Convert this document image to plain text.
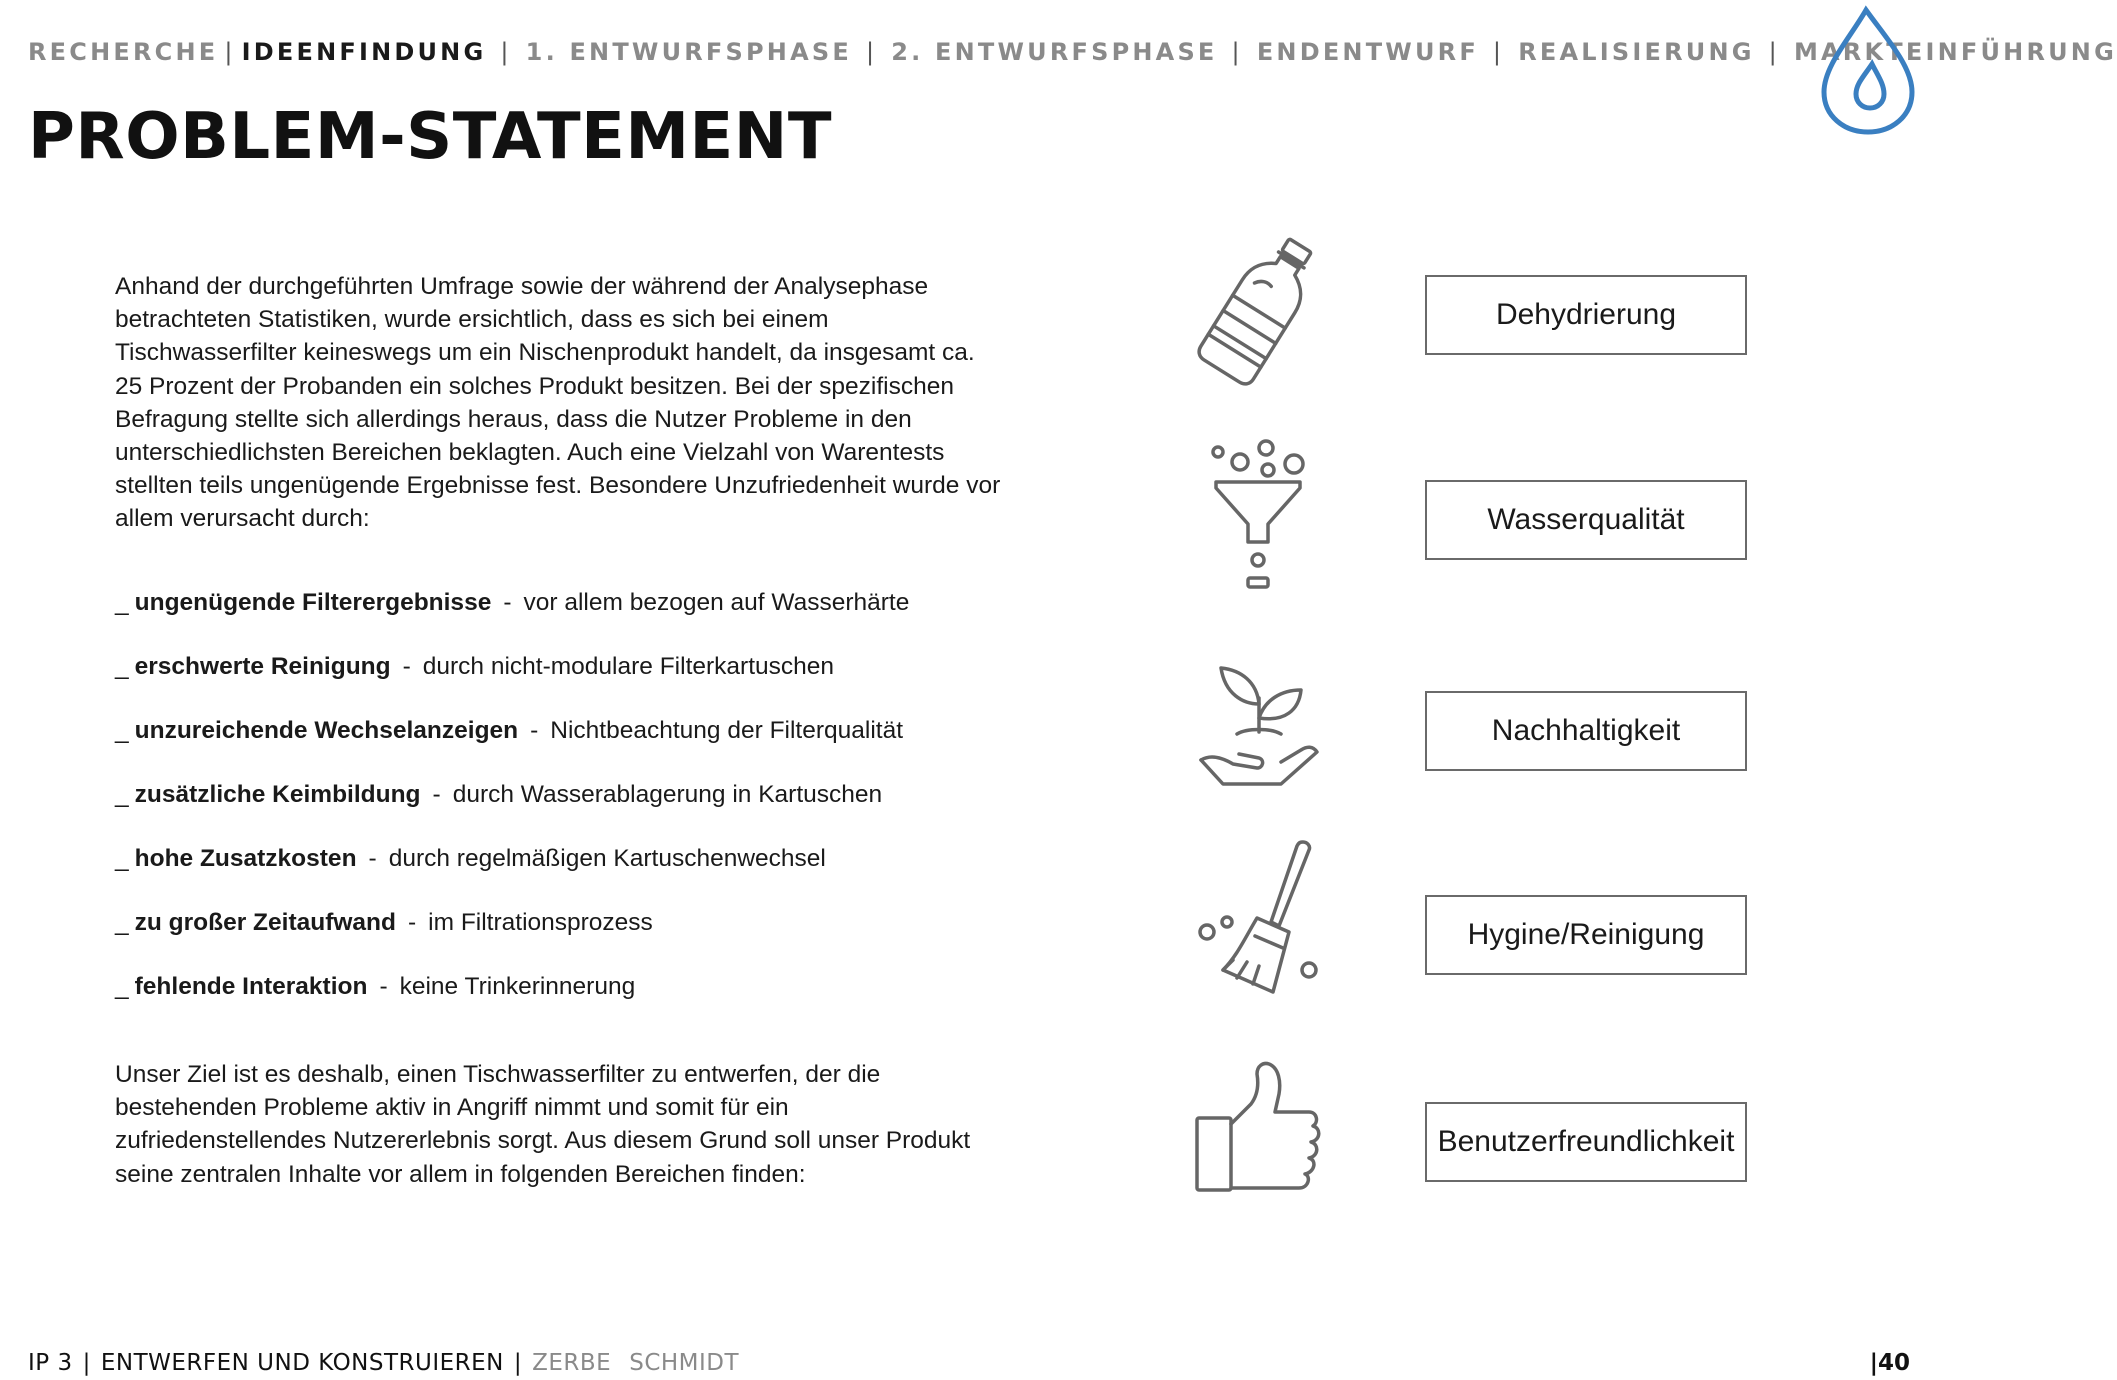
RECHERCHE | IDEENFINDUNG | 1. ENTWURFSPHASE | 2. ENTWURFSPHASE | ENDENTWURF | REALISIERUNG | MARKTEINFÜHRUNG
PROBLEM-STATEMENT

Anhand der durchgeführten Umfrage sowie der während der Analysephase betrachteten Statistiken, wurde ersichtlich, dass es sich bei einem Tischwasserfilter keineswegs um ein Nischenprodukt handelt, da insgesamt ca. 25 Prozent der Probanden ein solches Produkt besitzen. Bei der spezifischen Befragung stellte sich allerdings heraus, dass die Nutzer Probleme in den unterschiedlichsten Bereichen beklagten. Auch eine Vielzahl von Warentests stellten teils ungenügende Ergebnisse fest. Besondere Unzufriedenheit wurde vor allem verursacht durch:

_ ungenügende Filterergebnisse - vor allem bezogen auf Wasserhärte
_ erschwerte Reinigung - durch nicht-modulare Filterkartuschen
_ unzureichende Wechselanzeigen - Nichtbeachtung der Filterqualität
_ zusätzliche Keimbildung - durch Wasserablagerung in Kartuschen
_ hohe Zusatzkosten - durch regelmäßigen Kartuschenwechsel
_ zu großer Zeitaufwand - im Filtrationsprozess
_ fehlende Interaktion - keine Trinkerinnerung

Unser Ziel ist es deshalb, einen Tischwasserfilter zu entwerfen, der die bestehenden Probleme aktiv in Angriff nimmt und somit für ein zufriedenstellendes Nutzererlebnis sorgt. Aus diesem Grund soll unser Produkt seine zentralen Inhalte vor allem in folgenden Bereichen finden:

Dehydrierung
Wasserqualität
Nachhaltigkeit
Hygine/Reinigung
Benutzerfreundlichkeit
IP 3 | ENTWERFEN UND KONSTRUIEREN | ZERBE SCHMIDT	|40
